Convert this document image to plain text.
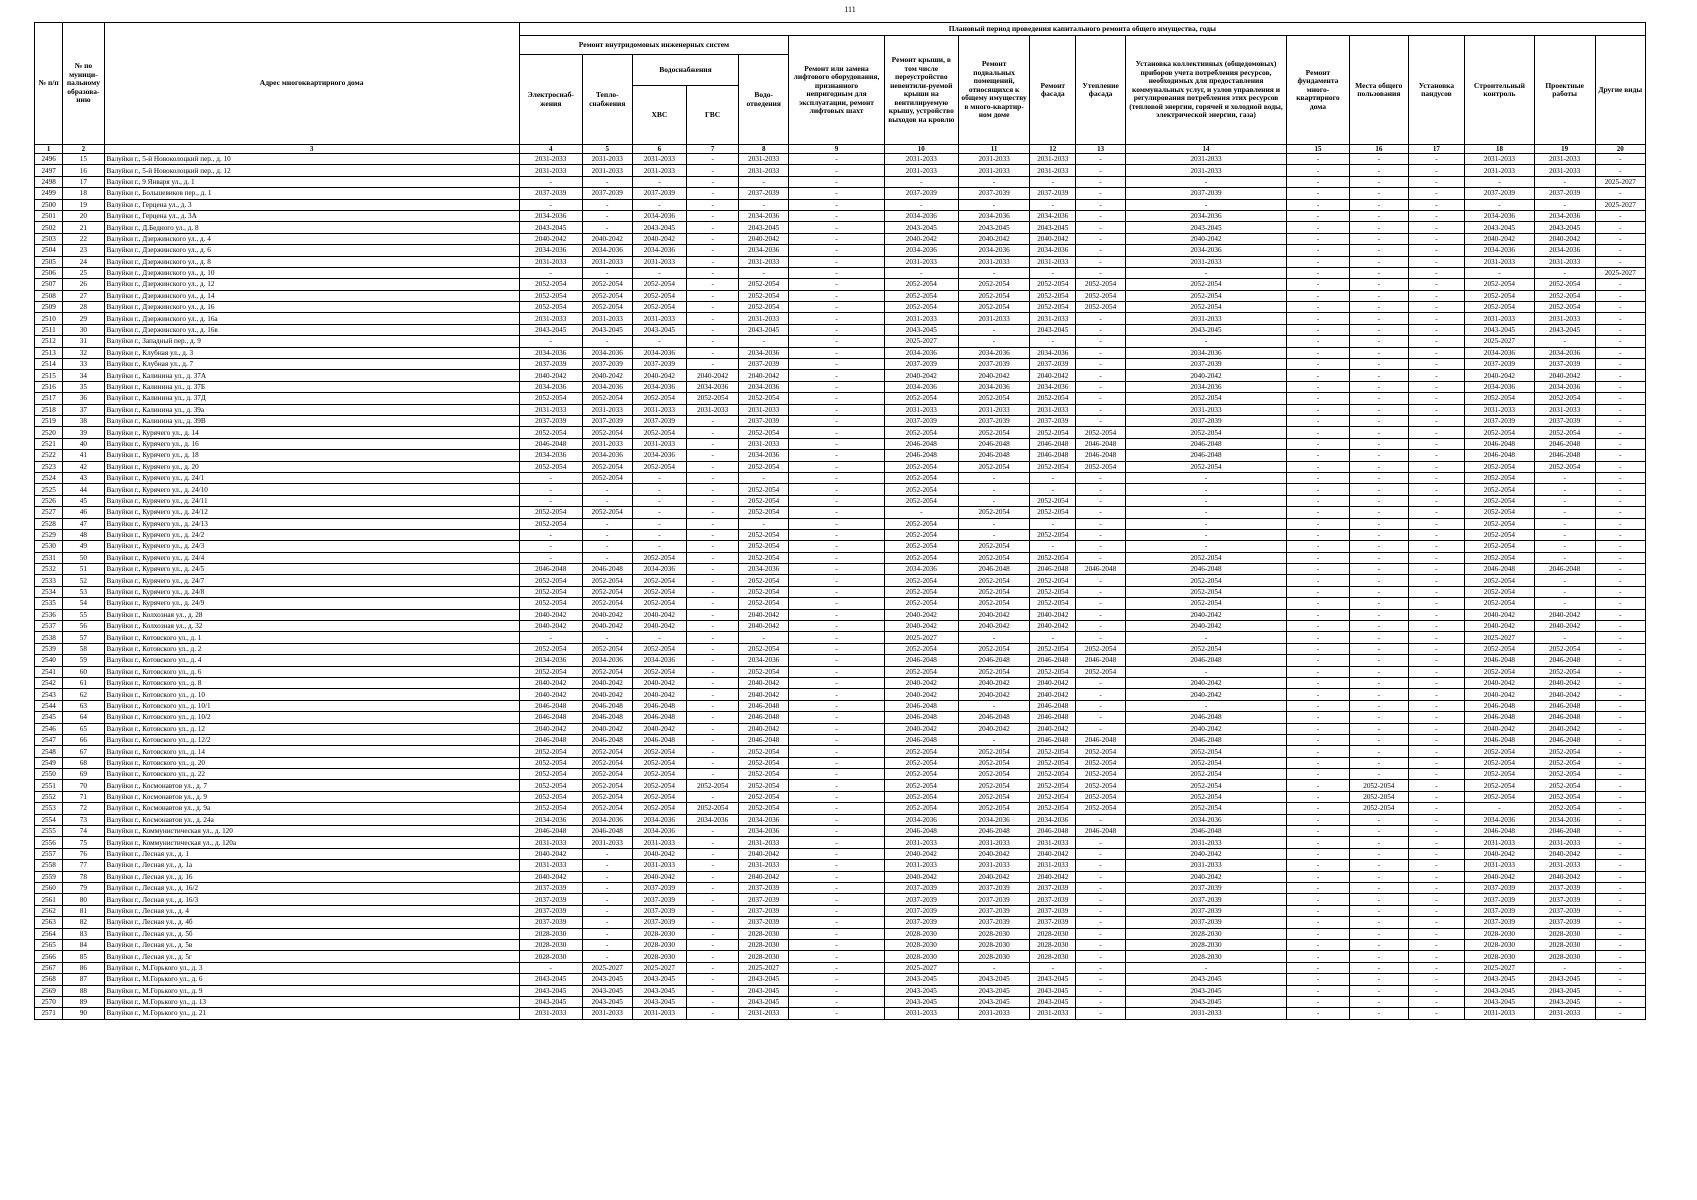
111
№ п/п	№ по муници-пальному образова-нию	Адрес многоквартирного дома	Плановый период проведения капитального ремонта общего имущества, годы																
			Ремонт внутридомовых инженерных систем					Ремонт или замена лифтового оборудования, признанного непригодным для эксплуатации, ремонт лифтовых шахт	Ремонт крыши, в том числе переустройство невентили-руемой крыши на вентилируемую крышу, устройство выходов на кровлю	Ремонт подвальных помещений, относящихся к общему имуществу в много-квартир-ном доме	Ремонт фасада	Утепление фасада	Установка коллективных (общедомовых) приборов учета потребления ресурсов, необходимых для предоставления коммунальных услуг, и узлов управления и регулирования потребления этих ресурсов (тепловой энергии, горячей и холодной воды, электрической энергии, газа)	Ремонт фундамента много-квартирного дома	Места общего пользования	Установка пандусов	Строительный контроль	Проектные работы	Другие виды
			Электроснаб-жения	Тепло-снабжения	Водоснабжения		Водо-отведения												
					ХВС	ГВС													
1	2	3	4	5	6	7	8	9	10	11	12	13	14	15	16	17	18	19	20
2496	15	Валуйки г., 5-й Новоколоцкий пер., д. 10	2031-2033	2031-2033	2031-2033	-	2031-2033	-	2031-2033	2031-2033	2031-2033	-	2031-2033	-	-	-	2031-2033	2031-2033	-
2497	16	Валуйки г., 5-й Новоколоцкий пер., д. 12	2031-2033	2031-2033	2031-2033	-	2031-2033	-	2031-2033	2031-2033	2031-2033	-	2031-2033	-	-	-	2031-2033	2031-2033	-
2498	17	Валуйки г., 9 Января ул., д. 1	-	-	-	-	-	-	-	-	-	-	-	-	-	-	-	-	2025-2027
2499	18	Валуйки г., Большевиков пер., д. 1	2037-2039	2037-2039	2037-2039	-	2037-2039	-	2037-2039	2037-2039	2037-2039	-	2037-2039	-	-	-	2037-2039	2037-2039	-
2500	19	Валуйки г., Герцена ул., д. 3	-	-	-	-	-	-	-	-	-	-	-	-	-	-	-	-	2025-2027
2501	20	Валуйки г., Герцена ул., д. 3А	2034-2036	-	2034-2036	-	2034-2036	-	2034-2036	2034-2036	2034-2036	-	2034-2036	-	-	-	2034-2036	2034-2036	-
2502	21	Валуйки г., Д.Бедного ул., д. 8	2043-2045	-	2043-2045	-	2043-2045	-	2043-2045	2043-2045	2043-2045	-	2043-2045	-	-	-	2043-2045	2043-2045	-
2503	22	Валуйки г., Дзержинского ул., д. 4	2040-2042	2040-2042	2040-2042	-	2040-2042	-	2040-2042	2040-2042	2040-2042	-	2040-2042	-	-	-	2040-2042	2040-2042	-
2504	23	Валуйки г., Дзержинского ул., д. 6	2034-2036	2034-2036	2034-2036	-	2034-2036	-	2034-2036	2034-2036	2034-2036	-	2034-2036	-	-	-	2034-2036	2034-2036	-
2505	24	Валуйки г., Дзержинского ул., д. 8	2031-2033	2031-2033	2031-2033	-	2031-2033	-	2031-2033	2031-2033	2031-2033	-	2031-2033	-	-	-	2031-2033	2031-2033	-
2506	25	Валуйки г., Дзержинского ул., д. 10	-	-	-	-	-	-	-	-	-	-	-	-	-	-	-	-	2025-2027
2507	26	Валуйки г., Дзержинского ул., д. 12	2052-2054	2052-2054	2052-2054	-	2052-2054	-	2052-2054	2052-2054	2052-2054	2052-2054	2052-2054	-	-	-	2052-2054	2052-2054	-
2508	27	Валуйки г., Дзержинского ул., д. 14	2052-2054	2052-2054	2052-2054	-	2052-2054	-	2052-2054	2052-2054	2052-2054	2052-2054	2052-2054	-	-	-	2052-2054	2052-2054	-
2509	28	Валуйки г., Дзержинского ул., д. 16	2052-2054	2052-2054	2052-2054	-	2052-2054	-	2052-2054	2052-2054	2052-2054	2052-2054	2052-2054	-	-	-	2052-2054	2052-2054	-
2510	29	Валуйки г., Дзержинского ул., д. 16а	2031-2033	2031-2033	2031-2033	-	2031-2033	-	2031-2033	2031-2033	2031-2033	-	2031-2033	-	-	-	2031-2033	2031-2033	-
2511	30	Валуйки г., Дзержинского ул., д. 16в	2043-2045	2043-2045	2043-2045	-	2043-2045	-	2043-2045	-	2043-2045	-	2043-2045	-	-	-	2043-2045	2043-2045	-
2512	31	Валуйки г., Западный пер., д. 9	-	-	-	-	-	-	2025-2027	-	-	-	-	-	-	-	2025-2027	-	-
2513	32	Валуйки г., Клубная ул., д. 3	2034-2036	2034-2036	2034-2036	-	2034-2036	-	2034-2036	2034-2036	2034-2036	-	2034-2036	-	-	-	2034-2036	2034-2036	-
2514	33	Валуйки г., Клубная ул., д. 7	2037-2039	2037-2039	2037-2039	-	2037-2039	-	2037-2039	2037-2039	2037-2039	-	2037-2039	-	-	-	2037-2039	2037-2039	-
2515	34	Валуйки г., Калинина ул., д. 37А	2040-2042	2040-2042	2040-2042	2040-2042	2040-2042	-	2040-2042	2040-2042	2040-2042	-	2040-2042	-	-	-	2040-2042	2040-2042	-
2516	35	Валуйки г., Калинина ул., д. 37Б	2034-2036	2034-2036	2034-2036	2034-2036	2034-2036	-	2034-2036	2034-2036	2034-2036	-	2034-2036	-	-	-	2034-2036	2034-2036	-
2517	36	Валуйки г., Калинина ул., д. 37Д	2052-2054	2052-2054	2052-2054	2052-2054	2052-2054	-	2052-2054	2052-2054	2052-2054	-	2052-2054	-	-	-	2052-2054	2052-2054	-
2518	37	Валуйки г., Калинина ул., д. 39а	2031-2033	2031-2033	2031-2033	2031-2033	2031-2033	-	2031-2033	2031-2033	2031-2033	-	2031-2033	-	-	-	2031-2033	2031-2033	-
2519	38	Валуйки г., Калинина ул., д. 39В	2037-2039	2037-2039	2037-2039	-	2037-2039	-	2037-2039	2037-2039	2037-2039	-	2037-2039	-	-	-	2037-2039	2037-2039	-
2520	39	Валуйки г., Курячего ул., д. 14	2052-2054	2052-2054	2052-2054	-	2052-2054	-	2052-2054	2052-2054	2052-2054	2052-2054	2052-2054	-	-	-	2052-2054	2052-2054	-
2521	40	Валуйки г., Курячего ул., д. 16	2046-2048	2031-2033	2031-2033	-	2031-2033	-	2046-2048	2046-2048	2046-2048	2046-2048	2046-2048	-	-	-	2046-2048	2046-2048	-
2522	41	Валуйки г., Курячего ул., д. 18	2034-2036	2034-2036	2034-2036	-	2034-2036	-	2046-2048	2046-2048	2046-2048	2046-2048	2046-2048	-	-	-	2046-2048	2046-2048	-
2523	42	Валуйки г., Курячего ул., д. 20	2052-2054	2052-2054	2052-2054	-	2052-2054	-	2052-2054	2052-2054	2052-2054	2052-2054	2052-2054	-	-	-	2052-2054	2052-2054	-
2524	43	Валуйки г., Курячего ул., д. 24/1	-	2052-2054	-	-	-	-	2052-2054	-	-	-	-	-	-	-	2052-2054	-	-
2525	44	Валуйки г., Курячего ул., д. 24/10	-	-	-	-	2052-2054	-	2052-2054	-	-	-	-	-	-	-	2052-2054	-	-
2526	45	Валуйки г., Курячего ул., д. 24/11	-	-	-	-	2052-2054	-	2052-2054	-	2052-2054	-	-	-	-	-	2052-2054	-	-
2527	46	Валуйки г., Курячего ул., д. 24/12	2052-2054	2052-2054	-	-	2052-2054	-	-	2052-2054	2052-2054	-	-	-	-	-	2052-2054	-	-
2528	47	Валуйки г., Курячего ул., д. 24/13	2052-2054	-	-	-	-	-	2052-2054	-	-	-	-	-	-	-	2052-2054	-	-
2529	48	Валуйки г., Курячего ул., д. 24/2	-	-	-	-	2052-2054	-	2052-2054	-	2052-2054	-	-	-	-	-	2052-2054	-	-
2530	49	Валуйки г., Курячего ул., д. 24/3	-	-	-	-	2052-2054	-	2052-2054	2052-2054	-	-	-	-	-	-	2052-2054	-	-
2531	50	Валуйки г., Курячего ул., д. 24/4	-	-	2052-2054	-	2052-2054	-	2052-2054	2052-2054	2052-2054	-	2052-2054	-	-	-	2052-2054	-	-
2532	51	Валуйки г., Курячего ул., д. 24/5	2046-2048	2046-2048	2034-2036	-	2034-2036	-	2034-2036	2046-2048	2046-2048	2046-2048	2046-2048	-	-	-	2046-2048	2046-2048	-
2533	52	Валуйки г., Курячего ул., д. 24/7	2052-2054	2052-2054	2052-2054	-	2052-2054	-	2052-2054	2052-2054	2052-2054	-	2052-2054	-	-	-	2052-2054	-	-
2534	53	Валуйки г., Курячего ул., д. 24/8	2052-2054	2052-2054	2052-2054	-	2052-2054	-	2052-2054	2052-2054	2052-2054	-	2052-2054	-	-	-	2052-2054	-	-
2535	54	Валуйки г., Курячего ул., д. 24/9	2052-2054	2052-2054	2052-2054	-	2052-2054	-	2052-2054	2052-2054	2052-2054	-	2052-2054	-	-	-	2052-2054	-	-
2536	55	Валуйки г., Колхозная ул., д. 28	2040-2042	2040-2042	2040-2042	-	2040-2042	-	2040-2042	2040-2042	2040-2042	-	2040-2042	-	-	-	2040-2042	2040-2042	-
2537	56	Валуйки г., Колхозная ул., д. 32	2040-2042	2040-2042	2040-2042	-	2040-2042	-	2040-2042	2040-2042	2040-2042	-	2040-2042	-	-	-	2040-2042	2040-2042	-
2538	57	Валуйки г., Котовского ул., д. 1	-	-	-	-	-	-	2025-2027	-	-	-	-	-	-	-	2025-2027	-	-
2539	58	Валуйки г., Котовского ул., д. 2	2052-2054	2052-2054	2052-2054	-	2052-2054	-	2052-2054	2052-2054	2052-2054	2052-2054	2052-2054	-	-	-	2052-2054	2052-2054	-
2540	59	Валуйки г., Котовского ул., д. 4	2034-2036	2034-2036	2034-2036	-	2034-2036	-	2046-2048	2046-2048	2046-2048	2046-2048	2046-2048	-	-	-	2046-2048	2046-2048	-
2541	60	Валуйки г., Котовского ул., д. 6	2052-2054	2052-2054	2052-2054	-	2052-2054	-	2052-2054	2052-2054	2052-2054	2052-2054	-	-	-	-	2052-2054	2052-2054	-
2542	61	Валуйки г., Котовского ул., д. 8	2040-2042	2040-2042	2040-2042	-	2040-2042	-	2040-2042	2040-2042	2040-2042	-	2040-2042	-	-	-	2040-2042	2040-2042	-
2543	62	Валуйки г., Котовского ул., д. 10	2040-2042	2040-2042	2040-2042	-	2040-2042	-	2040-2042	2040-2042	2040-2042	-	2040-2042	-	-	-	2040-2042	2040-2042	-
2544	63	Валуйки г., Котовского ул., д. 10/1	2046-2048	2046-2048	2046-2048	-	2046-2048	-	2046-2048	-	2046-2048	-	-	-	-	-	2046-2048	2046-2048	-
2545	64	Валуйки г., Котовского ул., д. 10/2	2046-2048	2046-2048	2046-2048	-	2046-2048	-	2046-2048	2046-2048	2046-2048	-	2046-2048	-	-	-	2046-2048	2046-2048	-
2546	65	Валуйки г., Котовского ул., д. 12	2040-2042	2040-2042	2040-2042	-	2040-2042	-	2040-2042	2040-2042	2040-2042	-	2040-2042	-	-	-	2040-2042	2040-2042	-
2547	66	Валуйки г., Котовского ул., д. 12/2	2046-2048	2046-2048	2046-2048	-	2046-2048	-	2046-2048	-	2046-2048	2046-2048	2046-2048	-	-	-	2046-2048	2046-2048	-
2548	67	Валуйки г., Котовского ул., д. 14	2052-2054	2052-2054	2052-2054	-	2052-2054	-	2052-2054	2052-2054	2052-2054	2052-2054	2052-2054	-	-	-	2052-2054	2052-2054	-
2549	68	Валуйки г., Котовского ул., д. 20	2052-2054	2052-2054	2052-2054	-	2052-2054	-	2052-2054	2052-2054	2052-2054	2052-2054	2052-2054	-	-	-	2052-2054	2052-2054	-
2550	69	Валуйки г., Котовского ул., д. 22	2052-2054	2052-2054	2052-2054	-	2052-2054	-	2052-2054	2052-2054	2052-2054	2052-2054	2052-2054	-	-	-	2052-2054	2052-2054	-
2551	70	Валуйки г., Космонавтов ул., д. 7	2052-2054	2052-2054	2052-2054	2052-2054	2052-2054	-	2052-2054	2052-2054	2052-2054	2052-2054	2052-2054	-	2052-2054	-	2052-2054	2052-2054	-
2552	71	Валуйки г., Космонавтов ул., д. 9	2052-2054	2052-2054	2052-2054	-	2052-2054	-	2052-2054	2052-2054	2052-2054	2052-2054	2052-2054	-	2052-2054	-	2052-2054	2052-2054	-
2553	72	Валуйки г., Космонавтов ул., д. 9а	2052-2054	2052-2054	2052-2054	2052-2054	2052-2054	-	2052-2054	2052-2054	2052-2054	2052-2054	2052-2054	-	2052-2054	-	-	2052-2054	-
2554	73	Валуйки г., Космонавтов ул., д. 24а	2034-2036	2034-2036	2034-2036	2034-2036	2034-2036	-	2034-2036	2034-2036	2034-2036	-	2034-2036	-	-	-	2034-2036	2034-2036	-
2555	74	Валуйки г., Коммунистическая ул., д. 120	2046-2048	2046-2048	2034-2036	-	2034-2036	-	2046-2048	2046-2048	2046-2048	2046-2048	2046-2048	-	-	-	2046-2048	2046-2048	-
2556	75	Валуйки г., Коммунистическая ул., д. 120а	2031-2033	2031-2033	2031-2033	-	2031-2033	-	2031-2033	2031-2033	2031-2033	-	2031-2033	-	-	-	2031-2033	2031-2033	-
2557	76	Валуйки г., Лесная ул., д. 1	2040-2042	-	2040-2042	-	2040-2042	-	2040-2042	2040-2042	2040-2042	-	2040-2042	-	-	-	2040-2042	2040-2042	-
2558	77	Валуйки г., Лесная ул., д. 1а	2031-2033	-	2031-2033	-	2031-2033	-	2031-2033	2031-2033	2031-2033	-	2031-2033	-	-	-	2031-2033	2031-2033	-
2559	78	Валуйки г., Лесная ул., д. 16	2040-2042	-	2040-2042	-	2040-2042	-	2040-2042	2040-2042	2040-2042	-	2040-2042	-	-	-	2040-2042	2040-2042	-
2560	79	Валуйки г., Лесная ул., д. 16/2	2037-2039	-	2037-2039	-	2037-2039	-	2037-2039	2037-2039	2037-2039	-	2037-2039	-	-	-	2037-2039	2037-2039	-
2561	80	Валуйки г., Лесная ул., д. 16/3	2037-2039	-	2037-2039	-	2037-2039	-	2037-2039	2037-2039	2037-2039	-	2037-2039	-	-	-	2037-2039	2037-2039	-
2562	81	Валуйки г., Лесная ул., д. 4	2037-2039	-	2037-2039	-	2037-2039	-	2037-2039	2037-2039	2037-2039	-	2037-2039	-	-	-	2037-2039	2037-2039	-
2563	82	Валуйки г., Лесная ул., д. 4б	2037-2039	-	2037-2039	-	2037-2039	-	2037-2039	2037-2039	2037-2039	-	2037-2039	-	-	-	2037-2039	2037-2039	-
2564	83	Валуйки г., Лесная ул., д. 5б	2028-2030	-	2028-2030	-	2028-2030	-	2028-2030	2028-2030	2028-2030	-	2028-2030	-	-	-	2028-2030	2028-2030	-
2565	84	Валуйки г., Лесная ул., д. 5в	2028-2030	-	2028-2030	-	2028-2030	-	2028-2030	2028-2030	2028-2030	-	2028-2030	-	-	-	2028-2030	2028-2030	-
2566	85	Валуйки г., Лесная ул., д. 5г	2028-2030	-	2028-2030	-	2028-2030	-	2028-2030	2028-2030	2028-2030	-	2028-2030	-	-	-	2028-2030	2028-2030	-
2567	86	Валуйки г., М.Горького ул., д. 3	-	2025-2027	2025-2027	-	2025-2027	-	2025-2027	-	-	-	-	-	-	-	2025-2027	-	-
2568	87	Валуйки г., М.Горького ул., д. 6	2043-2045	2043-2045	2043-2045	-	2043-2045	-	2043-2045	2043-2045	2043-2045	-	2043-2045	-	-	-	2043-2045	2043-2045	-
2569	88	Валуйки г., М.Горького ул., д. 9	2043-2045	2043-2045	2043-2045	-	2043-2045	-	2043-2045	2043-2045	2043-2045	-	2043-2045	-	-	-	2043-2045	2043-2045	-
2570	89	Валуйки г., М.Горького ул., д. 13	2043-2045	2043-2045	2043-2045	-	2043-2045	-	2043-2045	2043-2045	2043-2045	-	2043-2045	-	-	-	2043-2045	2043-2045	-
2571	90	Валуйки г., М.Горького ул., д. 21	2031-2033	2031-2033	2031-2033	-	2031-2033	-	2031-2033	2031-2033	2031-2033	-	2031-2033	-	-	-	2031-2033	2031-2033	-
